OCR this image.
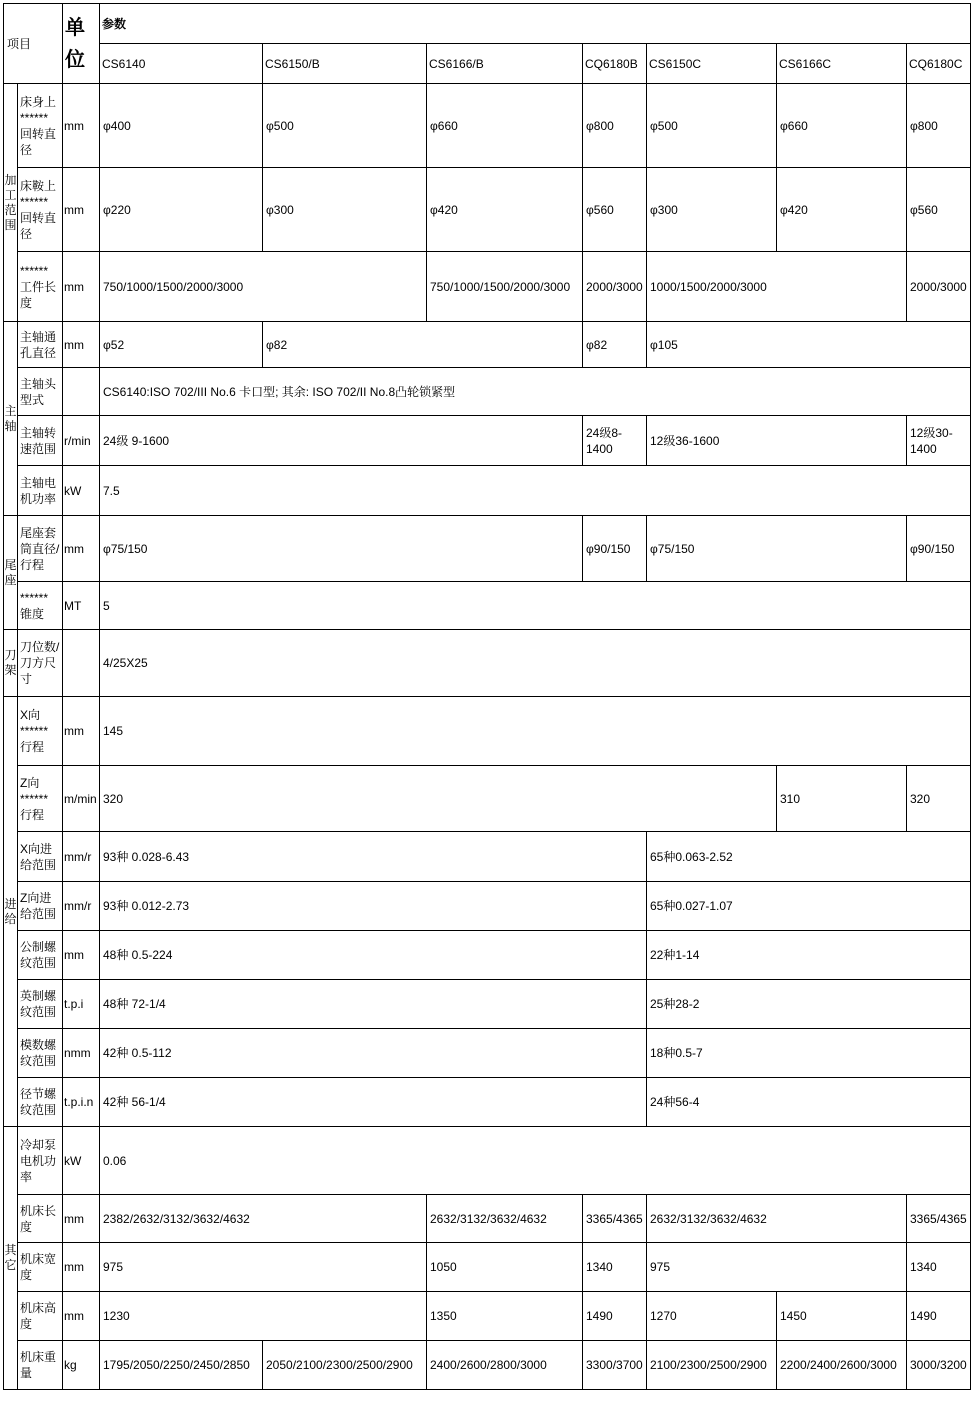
项目		单位	参数						
			CS6140	CS6150/B	CS6166/B	CQ6180B	CS6150C	CS6166C	CQ6180C
加工范围	床身上******回转直径	mm	φ400	φ500	φ660	φ800	φ500	φ660	φ800
	床鞍上******回转直径	mm	φ220	φ300	φ420	φ560	φ300	φ420	φ560
	******工件长度	mm	750/1000/1500/2000/3000		750/1000/1500/2000/3000	2000/3000	1000/1500/2000/3000		2000/3000
主轴	主轴通孔直径	mm	φ52	φ82		φ82	φ105		
	主轴头型式		CS6140:ISO 702/III No.6 卡口型; 其余: ISO 702/II No.8凸轮锁紧型						
	主轴转速范围	r/min	24级 9-1600			24级8-1400	12级36-1600		12级30-1400
	主轴电机功率	kW	7.5						
尾座	尾座套筒直径/行程	mm	φ75/150			φ90/150	φ75/150		φ90/150
	******锥度	MT	5						
刀架	刀位数/刀方尺寸		4/25X25						
进给	X向******行程	mm	145						
	Z向******行程	m/min	320					310	320
	X向进给范围	mm/r	93种 0.028-6.43				65种0.063-2.52		
	Z向进给范围	mm/r	93种 0.012-2.73				65种0.027-1.07		
	公制螺纹范围	mm	48种 0.5-224				22种1-14		
	英制螺纹范围	t.p.i	48种 72-1/4				25种28-2		
	模数螺纹范围	nmm	42种 0.5-112				18种0.5-7		
	径节螺纹范围	t.p.i.n	42种 56-1/4				24种56-4		
其它	冷却泵电机功率	kW	0.06						
	机床长度	mm	2382/2632/3132/3632/4632		2632/3132/3632/4632	3365/4365	2632/3132/3632/4632		3365/4365
	机床宽度	mm	975		1050	1340	975		1340
	机床高度	mm	1230		1350	1490	1270	1450	1490
	机床重量	kg	1795/2050/2250/2450/2850	2050/2100/2300/2500/2900	2400/2600/2800/3000	3300/3700	2100/2300/2500/2900	2200/2400/2600/3000	3000/3200
